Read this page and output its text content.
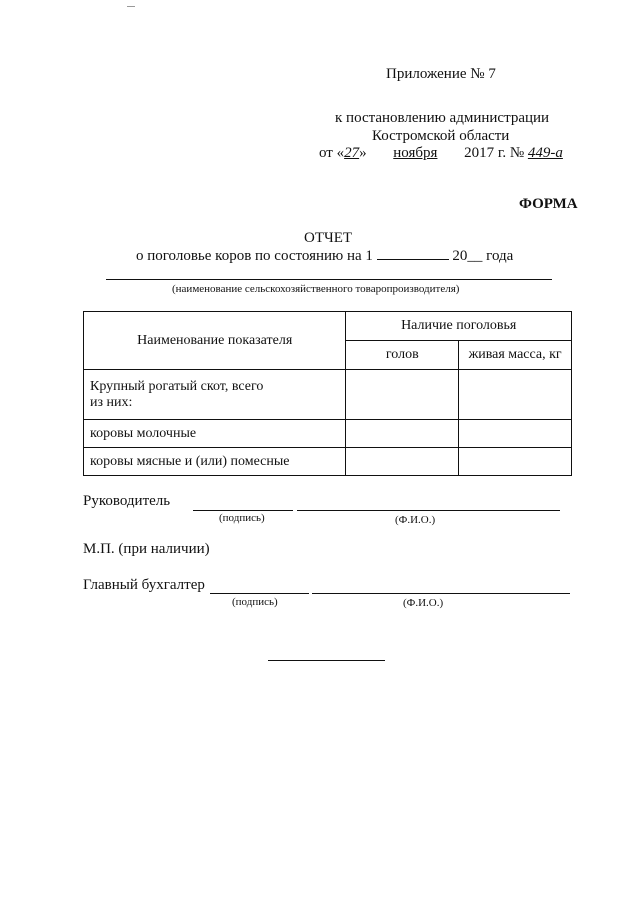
Приложение № 7
к постановлению администрации
Костромской области
от «27» ноября 2017 г. № 449-а
ФОРМА
ОТЧЕТ
о поголовье коров по состоянию на 1	20__ года
(наименование сельскохозяйственного товаропроизводителя)
Наименование показателя	Наличие поголовья	
	голов	живая масса, кг

Крупный рогатый скот, всего
из них:		

коровы молочные		
коровы мясные и (или) помесные		
Руководитель
(подпись)	(Ф.И.О.)
М.П. (при наличии)
Главный бухгалтер
(подпись)	(Ф.И.О.)
